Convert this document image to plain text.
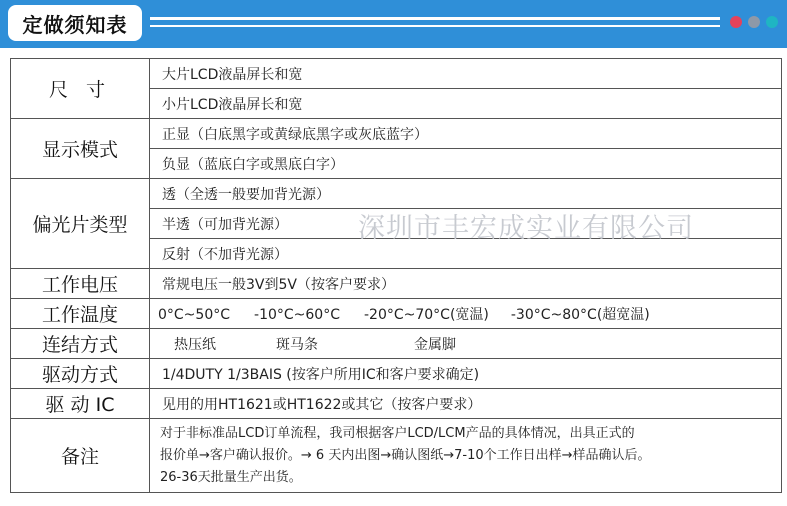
定做须知表
尺 寸	大片LCD液晶屏长和宽
	小片LCD液晶屏长和宽
显示模式	正显（白底黑字或黄绿底黑字或灰底蓝字）
	负显（蓝底白字或黑底白字）
偏光片类型	透（全透一般要加背光源）
	半透（可加背光源）
	反射（不加背光源）
工作电压	常规电压一般3V到5V（按客户要求）
工作温度	0°C~50°C -10°C~60°C -20°C~70°C(宽温) -30°C~80°C(超宽温)
连结方式	热压纸 斑马条 金属脚
驱动方式	1/4DUTY 1/3BAIS (按客户所用IC和客户要求确定)
驱 动 IC	见用的用HT1621或HT1622或其它（按客户要求）
备注	对于非标准品LCD订单流程，我司根据客户LCD/LCM产品的具体情况，出具正式的
报价单→客户确认报价。→ 6 天内出图→确认图纸→7-10个工作日出样→样品确认后。
26-36天批量生产出货。
深圳市丰宏成实业有限公司
